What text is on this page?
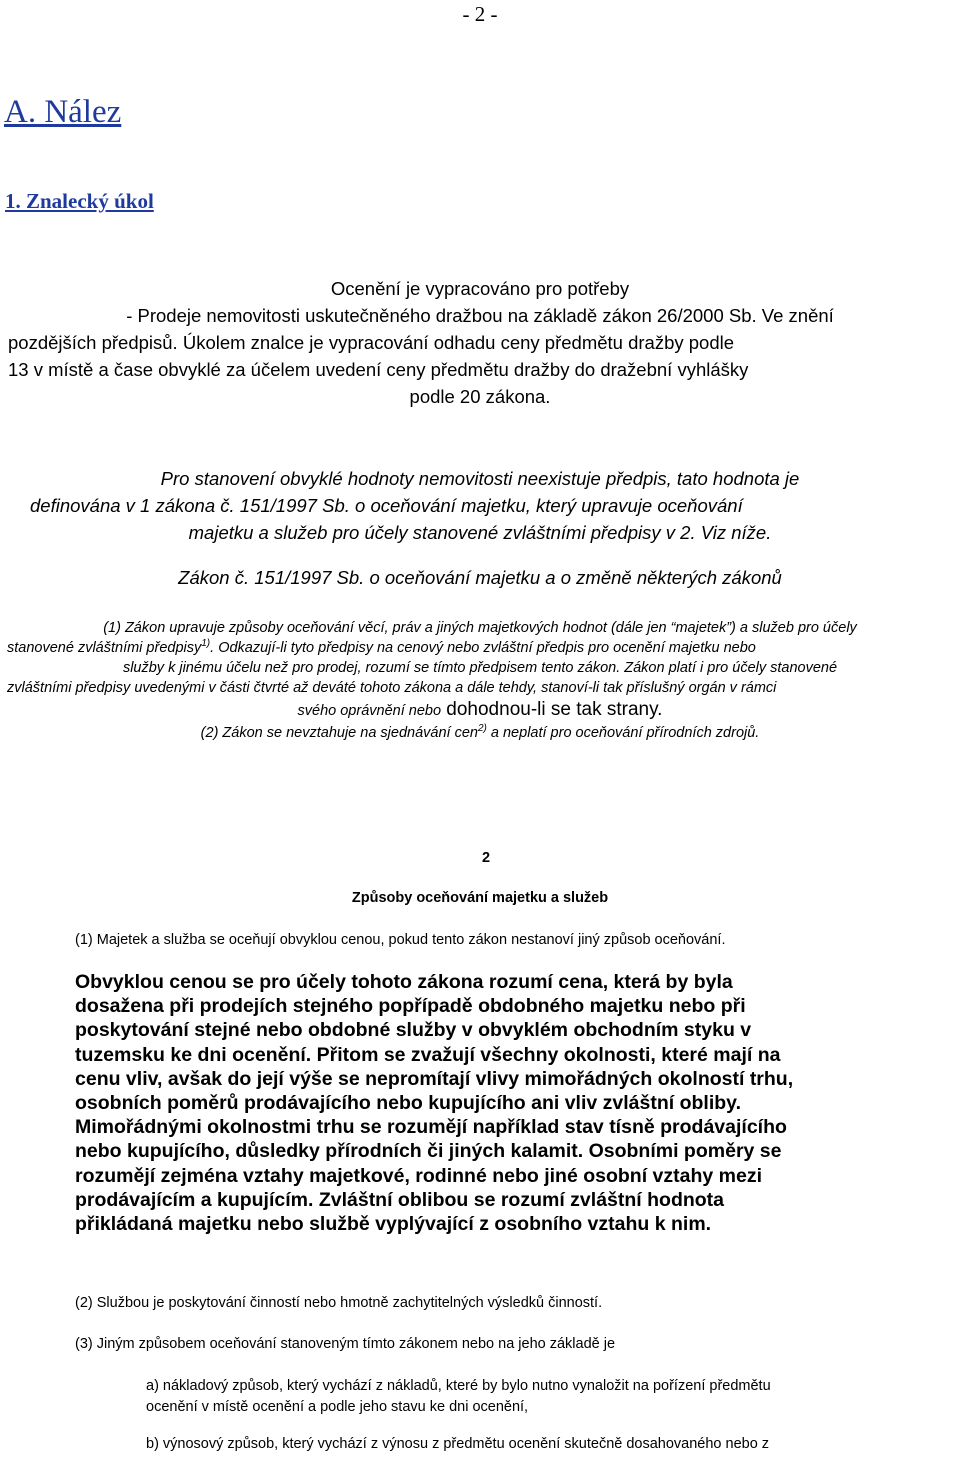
- 2 -
A. Nález
1. Znalecký úkol
Ocenění je vypracováno pro potřeby
- Prodeje nemovitosti uskutečněného dražbou na základě zákon 26/2000 Sb. Ve znění
pozdějších předpisů. Úkolem znalce je vypracování odhadu ceny předmětu dražby podle
13 v místě a čase obvyklé za účelem uvedení ceny předmětu dražby do dražební vyhlášky
podle 20 zákona.
Pro stanovení obvyklé hodnoty nemovitosti neexistuje předpis, tato hodnota je
definována v 1 zákona č. 151/1997 Sb. o oceňování majetku, který upravuje oceňování
majetku a služeb pro účely stanovené zvláštními předpisy v 2. Viz níže.
Zákon č. 151/1997 Sb. o oceňování majetku a o změně některých zákonů
(1) Zákon upravuje způsoby oceňování věcí, práv a jiných majetkových hodnot (dále jen “majetek”) a služeb pro účely
stanovené zvláštními předpisy$^{1)}$. Odkazují-li tyto předpisy na cenový nebo zvláštní předpis pro ocenění majetku nebo
služby k jinému účelu než pro prodej, rozumí se tímto předpisem tento zákon. Zákon platí i pro účely stanovené
zvláštními předpisy uvedenými v části čtvrté až deváté tohoto zákona a dále tehdy, stanoví-li tak příslušný orgán v rámci
svého oprávnění nebo dohodnou-li se tak strany.
(2) Zákon se nevztahuje na sjednávání cen$^{2)}$ a neplatí pro oceňování přírodních zdrojů.
2
Způsoby oceňování majetku a služeb
(1) Majetek a služba se oceňují obvyklou cenou, pokud tento zákon nestanoví jiný způsob oceňování.
Obvyklou cenou se pro účely tohoto zákona rozumí cena, která by byla
dosažena při prodejích stejného popřípadě obdobného majetku nebo při
poskytování stejné nebo obdobné služby v obvyklém obchodním styku v
tuzemsku ke dni ocenění. Přitom se zvažují všechny okolnosti, které mají na
cenu vliv, avšak do její výše se nepromítají vlivy mimořádných okolností trhu,
osobních poměrů prodávajícího nebo kupujícího ani vliv zvláštní obliby.
Mimořádnými okolnostmi trhu se rozumějí například stav tísně prodávajícího
nebo kupujícího, důsledky přírodních či jiných kalamit. Osobními poměry se
rozumějí zejména vztahy majetkové, rodinné nebo jiné osobní vztahy mezi
prodávajícím a kupujícím. Zvláštní oblibou se rozumí zvláštní hodnota
přikládaná majetku nebo službě vyplývající z osobního vztahu k nim.
(2) Službou je poskytování činností nebo hmotně zachytitelných výsledků činností.
(3) Jiným způsobem oceňování stanoveným tímto zákonem nebo na jeho základě je
a) nákladový způsob, který vychází z nákladů, které by bylo nutno vynaložit na pořízení předmětu
ocenění v místě ocenění a podle jeho stavu ke dni ocenění,
b) výnosový způsob, který vychází z výnosu z předmětu ocenění skutečně dosahovaného nebo z
